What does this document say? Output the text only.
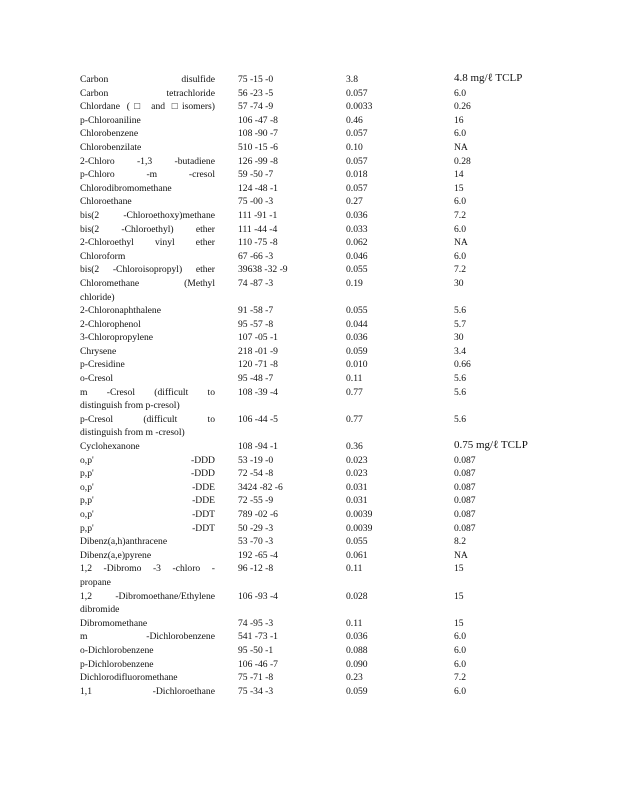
Carbon disulfide 75 -15 -0	3.8	4.8 mg/ℓ TCLP
Carbon tetrachloride 56 -23 -5	0.057	6.0
Chlordane (□ and □isomers) 57 -74 -9	0.0033	0.26
p-Chloroaniline	106 -47 -8	0.46	16
Chlorobenzene	108 -90 -7	0.057	6.0
Chlorobenzilate	510 -15 -6	0.10	NA
2-Chloro -1,3 -butadiene 126 -99 -8	0.057	0.28
p-Chloro -m -cresol 59 -50 -7	0.018	14
Chlorodibromomethane	124 -48 -1	0.057	15
Chloroethane	75 -00 -3	0.27	6.0
bis(2 -Chloroethoxy)methane 111 -91 -1	0.036	7.2
bis(2 -Chloroethyl) ether 111 -44 -4	0.033	6.0
2-Chloroethyl vinyl ether 110 -75 -8	0.062	NA
Chloroform	67 -66 -3	0.046	6.0
bis(2 -Chloroisopropyl) ether 39638 -32 -9	0.055	7.2
Chloromethane (Methyl
chloride)
74 -87 -3	0.19	30
2-Chloronaphthalene	91 -58 -7	0.055	5.6
2-Chlorophenol	95 -57 -8	0.044	5.7
3-Chloropropylene	107 -05 -1	0.036	30
Chrysene	218 -01 -9	0.059	3.4
p-Cresidine	120 -71 -8	0.010	0.66
o-Cresol	95 -48 -7	0.11	5.6
m -Cresol (difficult to
distinguish from p-cresol)
108 -39 -4	0.77	5.6
p-Cresol (difficult to
distinguish from m -cresol)
106 -44 -5	0.77	5.6
Cyclohexanone	108 -94 -1	0.36	0.75 mg/ℓ TCLP
o,p' -DDD 53 -19 -0	0.023	0.087
p,p' -DDD 72 -54 -8	0.023	0.087
o,p' -DDE 3424 -82 -6	0.031	0.087
p,p' -DDE 72 -55 -9	0.031	0.087
o,p' -DDT 789 -02 -6	0.0039	0.087
p,p' -DDT 50 -29 -3	0.0039	0.087
Dibenz(a,h)anthracene	53 -70 -3	0.055	8.2
Dibenz(a,e)pyrene	192 -65 -4	0.061	NA
1,2 -Dibromo -3 -chloro -
propane
96 -12 -8	0.11	15
1,2 -Dibromoethane/Ethylene
dibromide
106 -93 -4	0.028	15
Dibromomethane	74 -95 -3	0.11	15
m -Dichlorobenzene 541 -73 -1	0.036	6.0
o-Dichlorobenzene	95 -50 -1	0.088	6.0
p-Dichlorobenzene	106 -46 -7	0.090	6.0
Dichlorodifluoromethane	75 -71 -8	0.23	7.2
1,1 -Dichloroethane 75 -34 -3	0.059	6.0
